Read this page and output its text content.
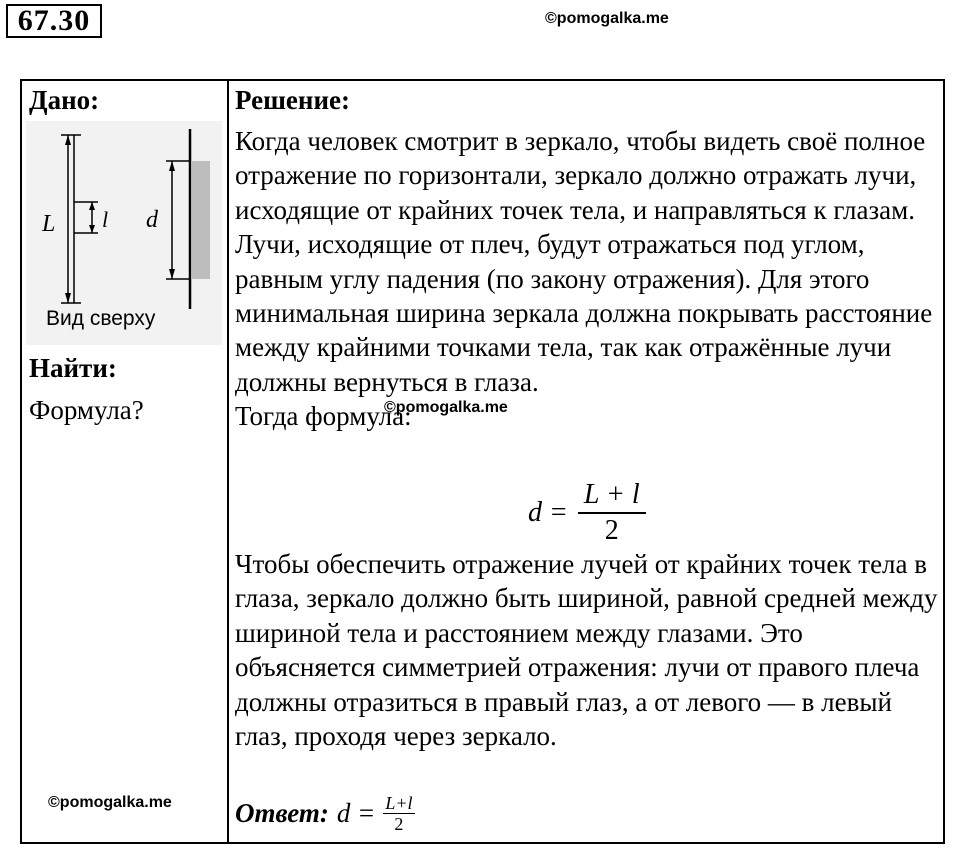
67.30	©pomogalka.me
Дано:
L l d
Вид сверху
Найти:
Формула?
Решение:

Когда человек смотрит в зеркало, чтобы видеть своё полное отражение по горизонтали, зеркало должно отражать лучи, исходящие от крайних точек тела, и направляться к глазам. Лучи, исходящие от плеч, будут отражаться под углом, равным углу падения (по закону отражения). Для этого минимальная ширина зеркала должна покрывать расстояние между крайними точками тела, так как отражённые лучи должны вернуться в глаза.

Тогда формула:

$d = \frac{L + l}{2}$
Чтобы обеспечить отражение лучей от крайних точек тела в глаза, зеркало должно быть шириной, равной средней между шириной тела и расстоянием между глазами. Это объясняется симметрией отражения: лучи от правого плеча должны отразиться в правый глаз, а от левого — в левый глаз, проходя через зеркало.
Ответ: $d = \frac{L+l}{2}$
©pomogalka.me
©pomogalka.me
